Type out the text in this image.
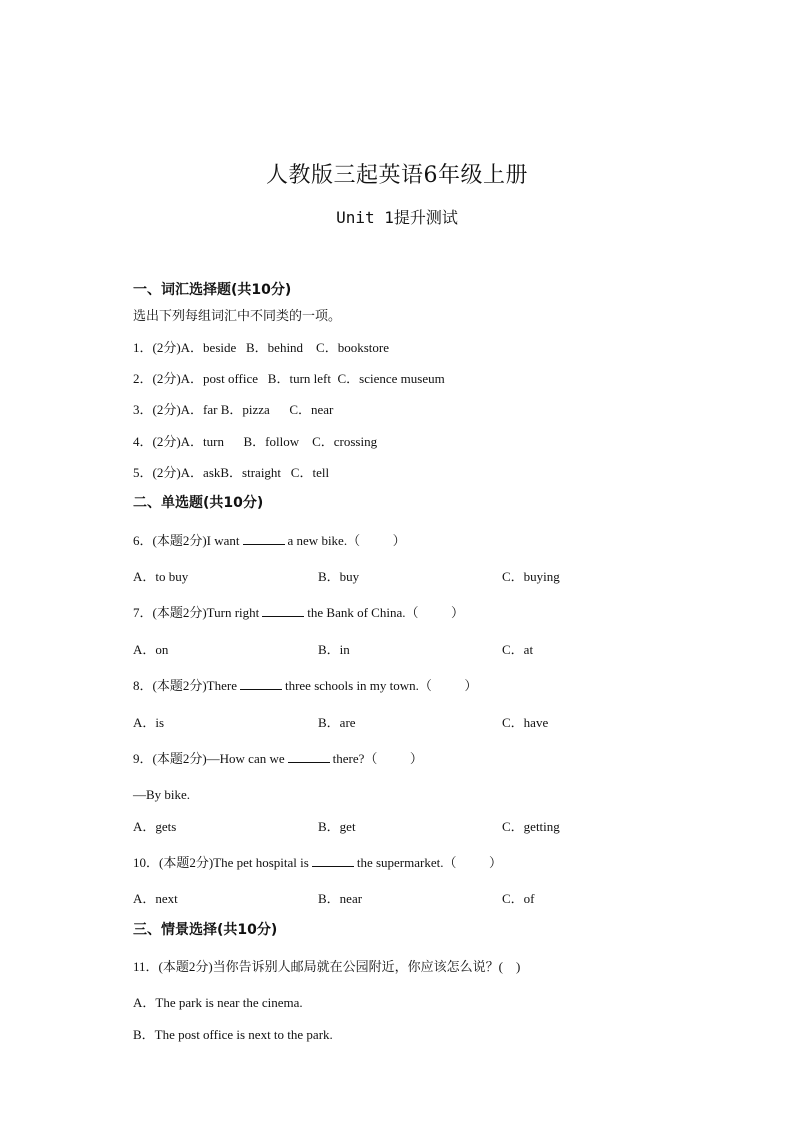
人教版三起英语6年级上册
Unit 1提升测试
一、词汇选择题(共10分)
选出下列每组词汇中不同类的一项。
1．(2分)A．beside   B．behind    C．bookstore
2．(2分)A．post office   B．turn left  C．science museum
3．(2分)A．far B．pizza      C．near
4．(2分)A．turn      B．follow    C．crossing
5．(2分)A．askB．straight   C．tell
二、单选题(共10分)
6．(本题2分)I want	a new bike.（          ）
A．to buy	B．buy	C．buying
7．(本题2分)Turn right	the Bank of China.（          ）
A．on	B．in	C．at
8．(本题2分)There	three schools in my town.（          ）
A．is	B．are	C．have
9．(本题2分)—How can we	there?（          ）
—By bike.
A．gets	B．get	C．getting
10．(本题2分)The pet hospital is	the supermarket.（          ）
A．next	B．near	C．of
三、情景选择(共10分)
11．(本题2分)当你告诉别人邮局就在公园附近，你应该怎么说？(    )
A．The park is near the cinema.
B．The post office is next to the park.
